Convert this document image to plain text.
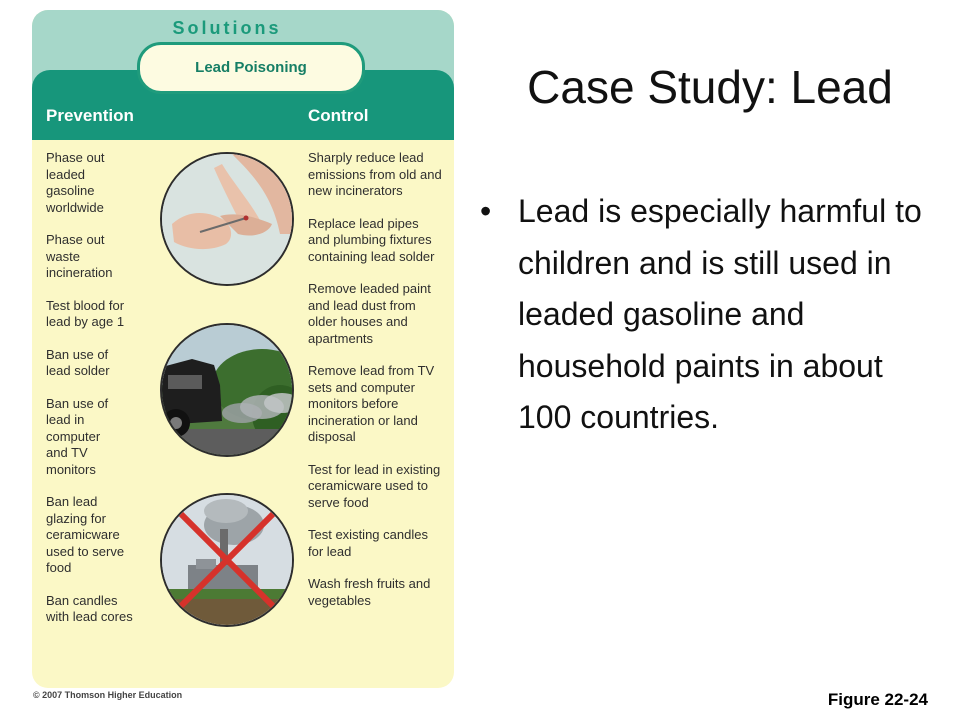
Solutions
Lead Poisoning
Prevention	Control

Phase out leaded gasoline worldwide

Phase out waste incineration

Test blood for lead by age 1

Ban use of lead solder

Ban use of lead in computer and TV monitors

Ban lead glazing for ceramicware used to serve food

Ban candles with lead cores

Sharply reduce lead emissions from old and new incinerators

Replace lead pipes and plumbing fixtures containing lead solder

Remove leaded paint and lead dust from older houses and apartments

Remove lead from TV sets and computer monitors before incineration or land disposal

Test for lead in existing ceramicware used to serve food

Test existing candles for lead

Wash fresh fruits and vegetables

© 2007 Thomson Higher Education	Figure 22-24
Case Study: Lead
• Lead is especially harmful to children and is still used in leaded gasoline and household paints in about 100 countries.
